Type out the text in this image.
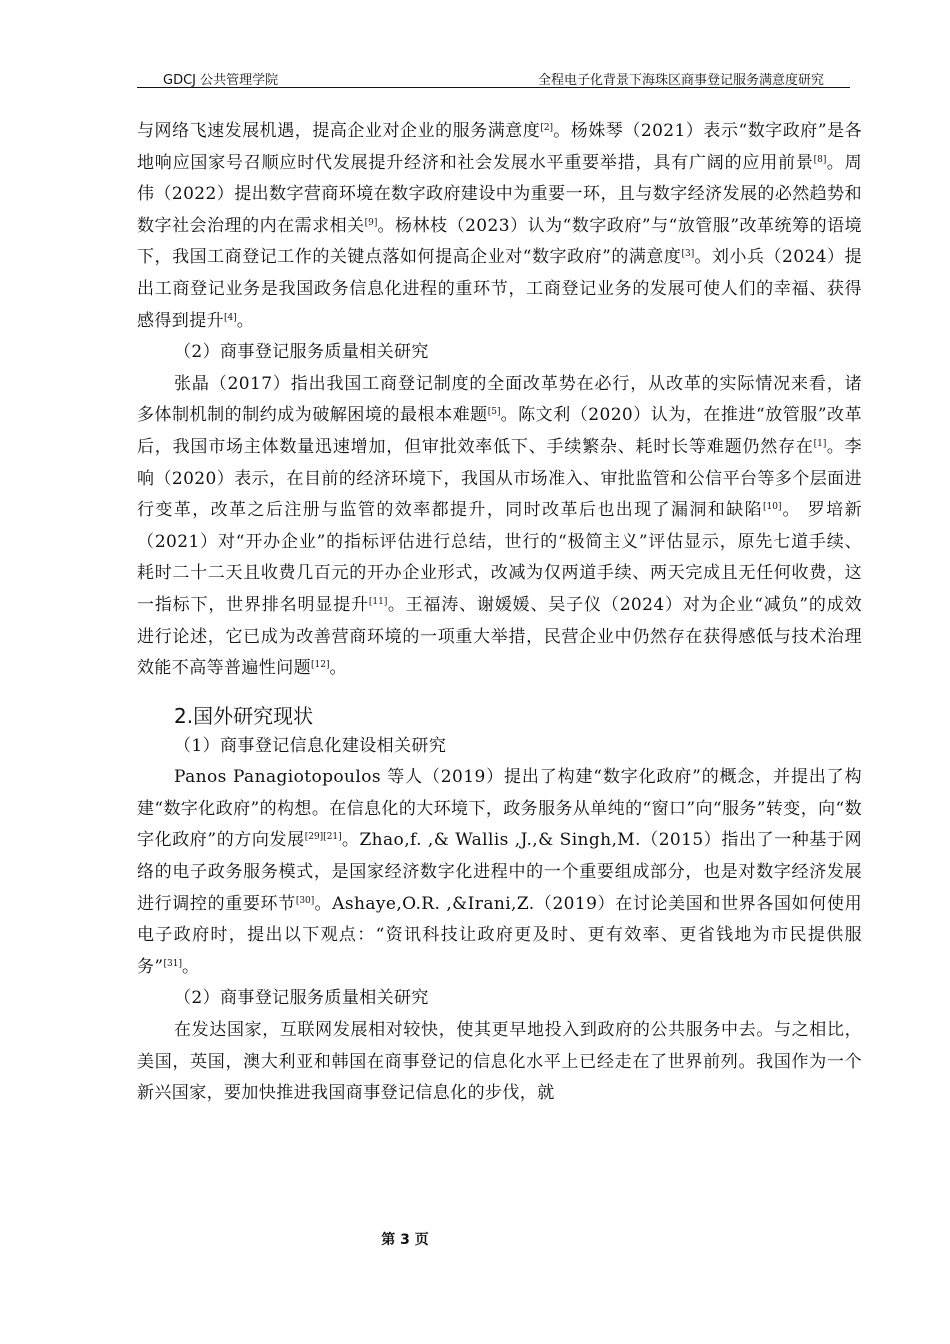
GDCJ 公共管理学院	全程电子化背景下海珠区商事登记服务满意度研究

与网络飞速发展机遇，提高企业对企业的服务满意度[2]。杨姝琴（2021）表示“数字政府”是各地响应国家号召顺应时代发展提升经济和社会发展水平重要举措，具有广阔的应用前景[8]。周伟（2022）提出数字营商环境在数字政府建设中为重要一环，且与数字经济发展的必然趋势和数字社会治理的内在需求相关[9]。杨林枝（2023）认为“数字政府”与“放管服”改革统筹的语境下，我国工商登记工作的关键点落如何提高企业对“数字政府”的满意度[3]。刘小兵（2024）提出工商登记业务是我国政务信息化进程的重环节，工商登记业务的发展可使人们的幸福、获得感得到提升[4]。

（2）商事登记服务质量相关研究

张晶（2017）指出我国工商登记制度的全面改革势在必行，从改革的实际情况来看，诸多体制机制的制约成为破解困境的最根本难题[5]。陈文利（2020）认为，在推进“放管服”改革后，我国市场主体数量迅速增加，但审批效率低下、手续繁杂、耗时长等难题仍然存在[1]。李响（2020）表示，在目前的经济环境下，我国从市场准入、审批监管和公信平台等多个层面进行变革，改革之后注册与监管的效率都提升，同时改革后也出现了漏洞和缺陷[10]。 罗培新（2021）对“开办企业”的指标评估进行总结，世行的“极简主义”评估显示，原先七道手续、耗时二十二天且收费几百元的开办企业形式，改减为仅两道手续、两天完成且无任何收费，这一指标下，世界排名明显提升[11]。王福涛、谢媛媛、吴子仪（2024）对为企业“减负”的成效进行论述，它已成为改善营商环境的一项重大举措，民营企业中仍然存在获得感低与技术治理效能不高等普遍性问题[12]。

2.国外研究现状

（1）商事登记信息化建设相关研究

Panos Panagiotopoulos 等人（2019）提出了构建“数字化政府”的概念，并提出了构建“数字化政府”的构想。在信息化的大环境下，政务服务从单纯的“窗口”向“服务”转变，向“数字化政府”的方向发展[29][21]。Zhao,f. ,& Wallis ,J.,& Singh,M.（2015）指出了一种基于网络的电子政务服务模式，是国家经济数字化进程中的一个重要组成部分，也是对数字经济发展进行调控的重要环节[30]。Ashaye,O.R. ,&Irani,Z.（2019）在讨论美国和世界各国如何使用电子政府时，提出以下观点：“资讯科技让政府更及时、更有效率、更省钱地为市民提供服务”[31]。

（2）商事登记服务质量相关研究

在发达国家，互联网发展相对较快，使其更早地投入到政府的公共服务中去。与之相比，美国，英国，澳大利亚和韩国在商事登记的信息化水平上已经走在了世界前列。我国作为一个新兴国家，要加快推进我国商事登记信息化的步伐，就

第 3 页
